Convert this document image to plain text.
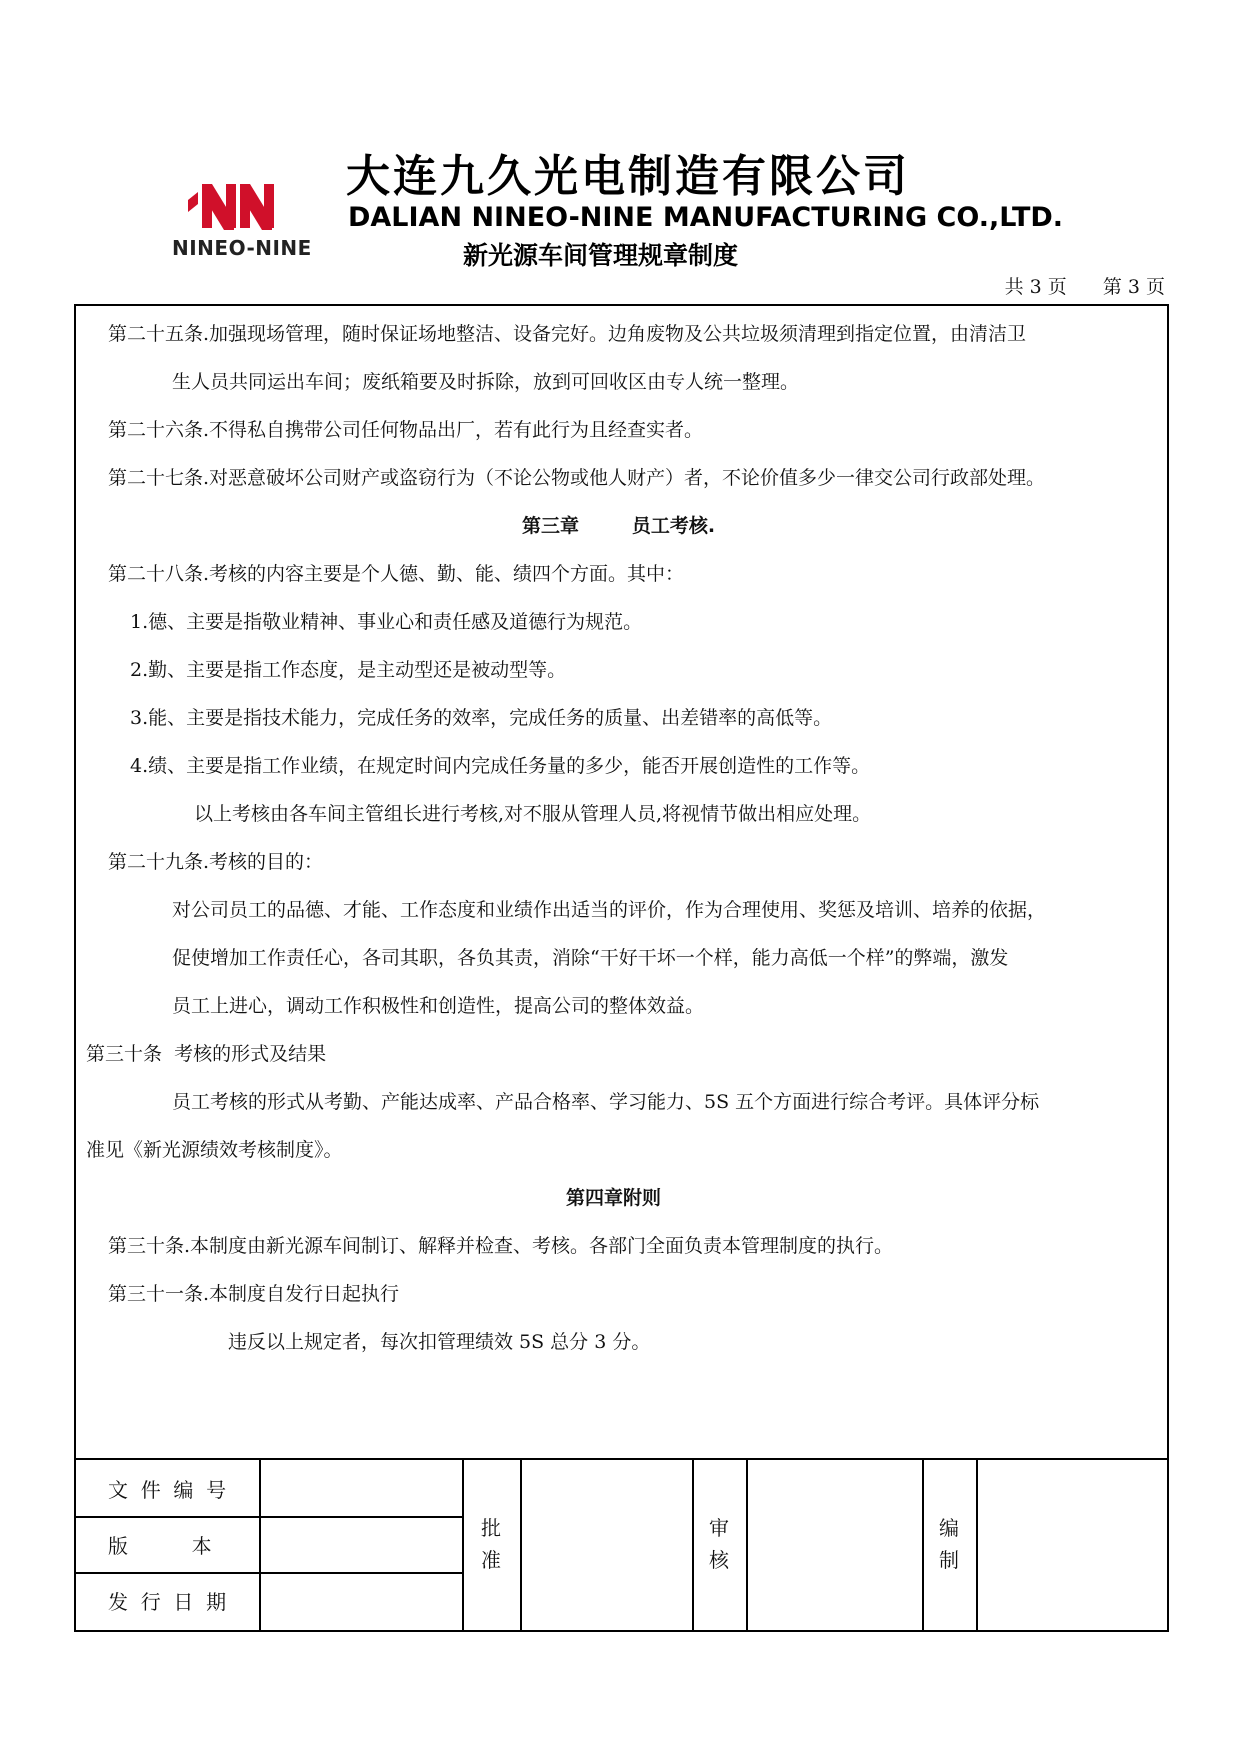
NINEO-NINE
大连九久光电制造有限公司
DALIAN NINEO-NINE MANUFACTURING CO.,LTD.
新光源车间管理规章制度
共 3 页 第 3 页
第二十五条.加强现场管理，随时保证场地整洁、设备完好。边角废物及公共垃圾须清理到指定位置，由清洁卫
生人员共同运出车间；废纸箱要及时拆除，放到可回收区由专人统一整理。
第二十六条.不得私自携带公司任何物品出厂，若有此行为且经查实者。
第二十七条.对恶意破坏公司财产或盗窃行为（不论公物或他人财产）者，不论价值多少一律交公司行政部处理。
第三章        员工考核.
第二十八条.考核的内容主要是个人德、勤、能、绩四个方面。其中：
1.德、主要是指敬业精神、事业心和责任感及道德行为规范。
2.勤、主要是指工作态度，是主动型还是被动型等。
3.能、主要是指技术能力，完成任务的效率，完成任务的质量、出差错率的高低等。
4.绩、主要是指工作业绩，在规定时间内完成任务量的多少，能否开展创造性的工作等。
以上考核由各车间主管组长进行考核,对不服从管理人员,将视情节做出相应处理。
第二十九条.考核的目的：
对公司员工的品德、才能、工作态度和业绩作出适当的评价，作为合理使用、奖惩及培训、培养的依据，
促使增加工作责任心，各司其职，各负其责，消除“干好干坏一个样，能力高低一个样”的弊端，激发
员工上进心，调动工作积极性和创造性，提高公司的整体效益。
第三十条  考核的形式及结果
员工考核的形式从考勤、产能达成率、产品合格率、学习能力、5S 五个方面进行综合考评。具体评分标
准见《新光源绩效考核制度》。
第四章附则
第三十条.本制度由新光源车间制订、解释并检查、考核。各部门全面负责本管理制度的执行。
第三十一条.本制度自发行日起执行
违反以上规定者，每次扣管理绩效 5S 总分 3 分。
文  件  编  号
版          本
发  行  日  期
批
准
审
核
编
制
